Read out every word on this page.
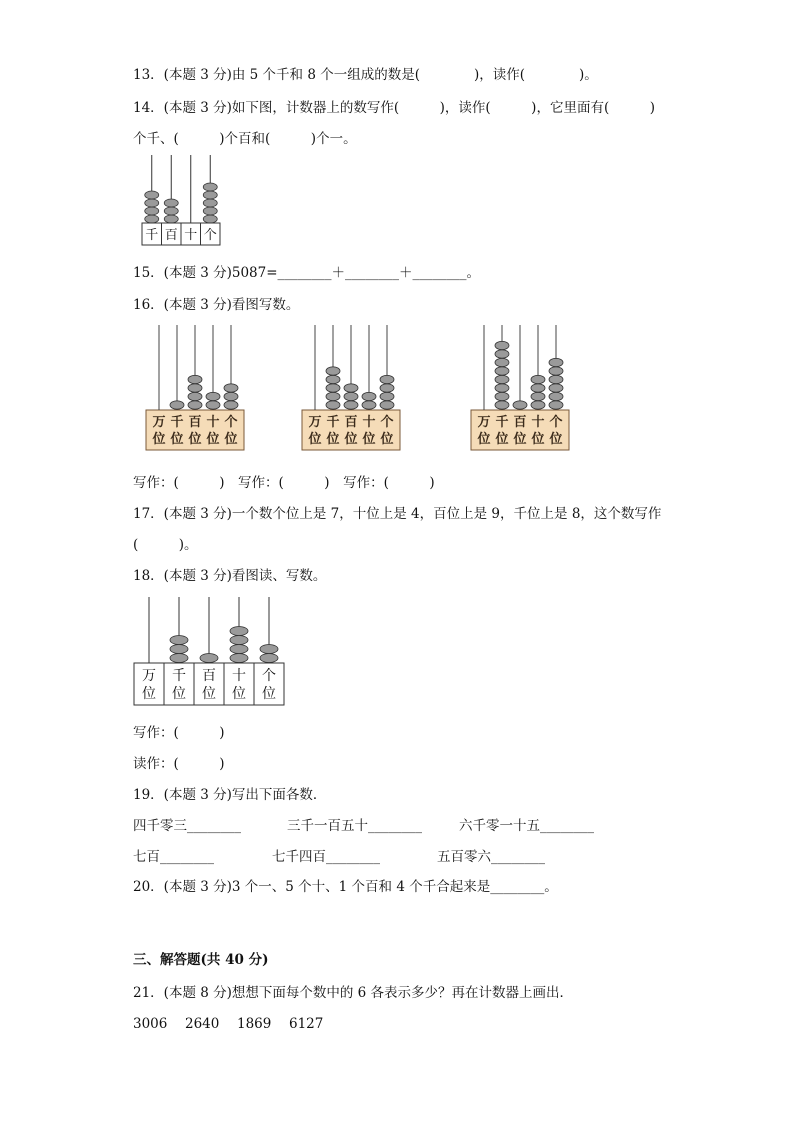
13．(本题 3 分)由 5 个千和 8 个一组成的数是(　　　　)，读作(　　　　)。
14．(本题 3 分)如下图，计数器上的数写作(　　　)，读作(　　　)，它里面有(　　　)
个千、(　　　)个百和(　　　)个一。
千 百 十 个
15．(本题 3 分)5087=________＋________＋________。
16．(本题 3 分)看图写数。
万
位
千
位
百
位
十
位
个
位
万
位
千
位
百
位
十
位
个
位
万
位
千
位
百
位
十
位
个
位
写作：(　　　)　写作：(　　　)　写作：(　　　)
17．(本题 3 分)一个数个位上是 7，十位上是 4，百位上是 9，千位上是 8，这个数写作
(　　　)。
18．(本题 3 分)看图读、写数。
万
位
千
位
百
位
十
位
个
位
写作：(　　　)
读作：(　　　)
19．(本题 3 分)写出下面各数．
四千零三________	三千一百五十________	六千零一十五________
七百________	七千四百________	五百零六________
20．(本题 3 分)3 个一、5 个十、1 个百和 4 个千合起来是________。
三、解答题(共 40 分)
21．(本题 8 分)想想下面每个数中的 6 各表示多少？再在计数器上画出．
3006 2640 1869 6127
